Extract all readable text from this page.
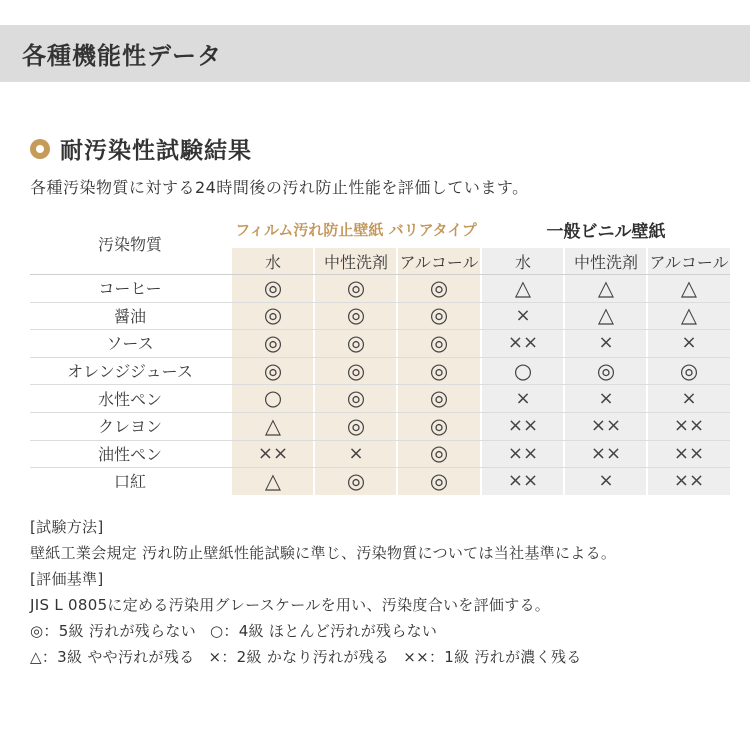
各種機能性データ
耐汚染性試験結果
各種汚染物質に対する24時間後の汚れ防止性能を評価しています。
汚染物質
フィルム汚れ防止壁紙 バリアタイプ	一般ビニル壁紙
水	中性洗剤 アルコール	水	中性洗剤 アルコール
コーヒー	◎	◎	◎	△	△	△
醤油	◎	◎	◎	×	△	△
ソース	◎	◎	◎	××	×	×
オレンジジュース	◎	◎	◎	○	◎	◎
水性ペン	○	◎	◎	×	×	×
クレヨン	△	◎	◎	××	××	××
油性ペン	××	×	◎	××	××	××
口紅	△	◎	◎	××	×	××
[試験方法]
壁紙工業会規定 汚れ防止壁紙性能試験に準じ、汚染物質については当社基準による。
[評価基準]
JIS L 0805に定める汚染用グレースケールを用い、汚染度合いを評価する。
◎：5級 汚れが残らない ○：4級 ほとんど汚れが残らない
△：3級 やや汚れが残る ×：2級 かなり汚れが残る ××：1級 汚れが濃く残る
